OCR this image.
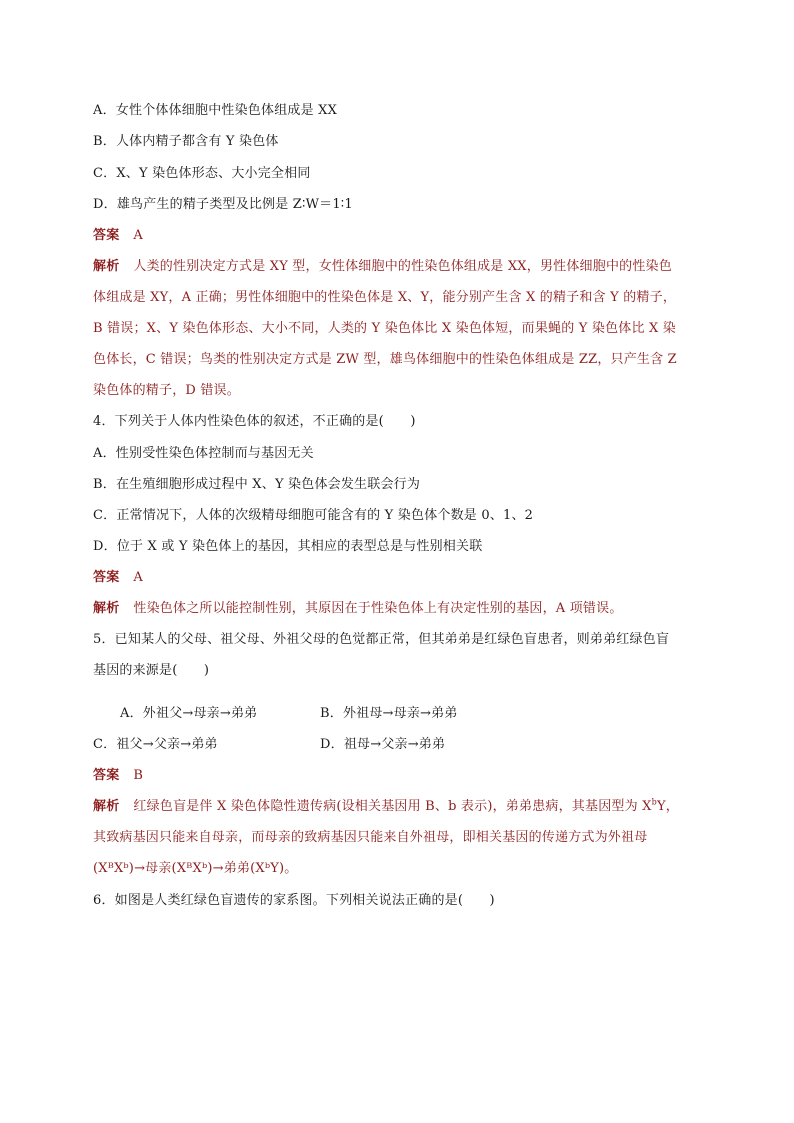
A．女性个体体细胞中性染色体组成是 XX
B．人体内精子都含有 Y 染色体
C．X、Y 染色体形态、大小完全相同
D．雄鸟产生的精子类型及比例是 Z∶W＝1∶1
答案 A
解析 人类的性别决定方式是 XY 型，女性体细胞中的性染色体组成是 XX，男性体细胞中的性染色
体组成是 XY，A 正确；男性体细胞中的性染色体是 X、Y，能分别产生含 X 的精子和含 Y 的精子，
B 错误；X、Y 染色体形态、大小不同，人类的 Y 染色体比 X 染色体短，而果蝇的 Y 染色体比 X 染
色体长，C 错误；鸟类的性别决定方式是 ZW 型，雄鸟体细胞中的性染色体组成是 ZZ，只产生含 Z
染色体的精子，D 错误。
4．下列关于人体内性染色体的叙述，不正确的是(　　)
A．性别受性染色体控制而与基因无关
B．在生殖细胞形成过程中 X、Y 染色体会发生联会行为
C．正常情况下，人体的次级精母细胞可能含有的 Y 染色体个数是 0、1、2
D．位于 X 或 Y 染色体上的基因，其相应的表型总是与性别相关联
答案 A
解析 性染色体之所以能控制性别，其原因在于性染色体上有决定性别的基因，A 项错误。
5．已知某人的父母、祖父母、外祖父母的色觉都正常，但其弟弟是红绿色盲患者，则弟弟红绿色盲
基因的来源是(　　)
A．外祖父→母亲→弟弟	B．外祖母→母亲→弟弟
C．祖父→父亲→弟弟	D．祖母→父亲→弟弟
答案 B
解析 红绿色盲是伴 X 染色体隐性遗传病(设相关基因用 B、b 表示)，弟弟患病，其基因型为 $X^bY$，
其致病基因只能来自母亲，而母亲的致病基因只能来自外祖母，即相关基因的传递方式为外祖母
(XᴮXᵇ)→母亲(XᴮXᵇ)→弟弟(XᵇY)。
6．如图是人类红绿色盲遗传的家系图。下列相关说法正确的是(　　)
